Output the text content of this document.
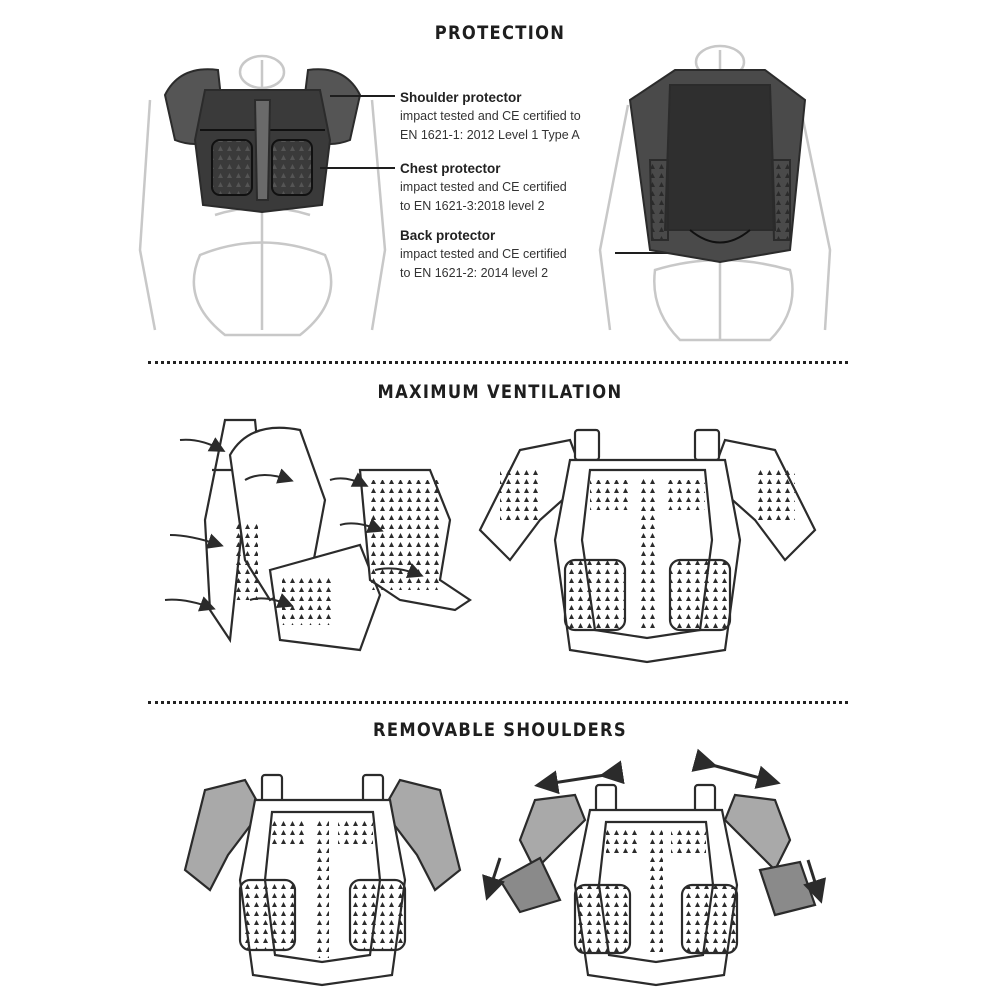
PROTECTION
MAXIMUM VENTILATION
REMOVABLE SHOULDERS
Shoulder protector
impact tested and CE certified to
EN 1621-1: 2012 Level 1 Type A
Chest protector
impact tested and CE certified
to EN 1621-3:2018 level 2
Back protector
impact tested and CE certified
to EN 1621-2: 2014 level 2
